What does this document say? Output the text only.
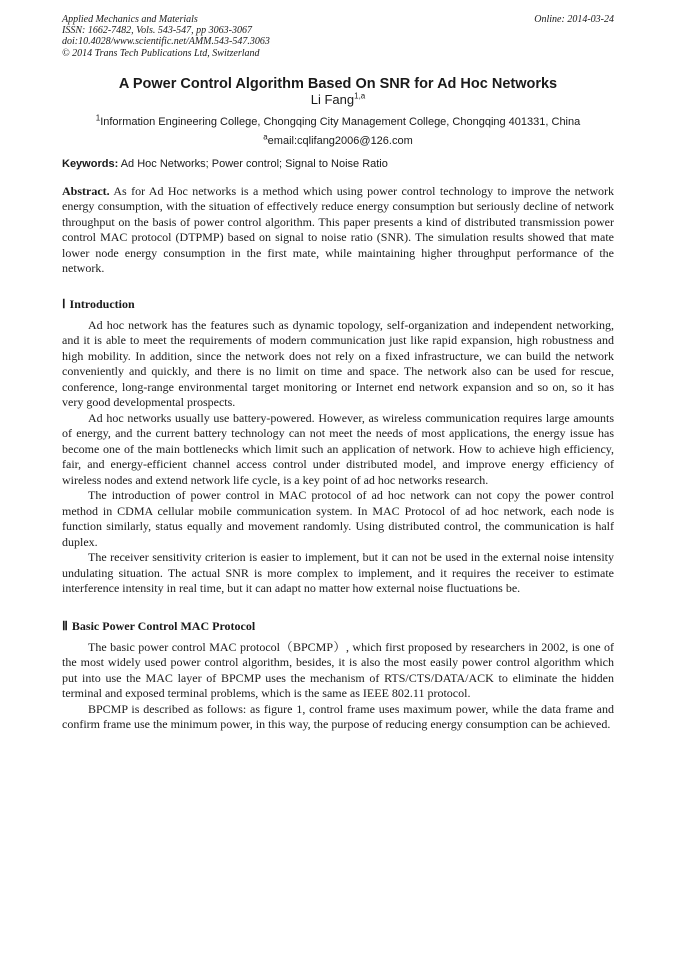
Applied Mechanics and Materials
ISSN: 1662-7482, Vols. 543-547, pp 3063-3067
doi:10.4028/www.scientific.net/AMM.543-547.3063
© 2014 Trans Tech Publications Ltd, Switzerland
Online: 2014-03-24
A Power Control Algorithm Based On SNR for Ad Hoc Networks
Li Fang$^{1,a}$
$^1$Information Engineering College, Chongqing City Management College, Chongqing 401331, China
$^a$email:cqlifang2006@126.com
Keywords: Ad Hoc Networks; Power control; Signal to Noise Ratio
Abstract. As for Ad Hoc networks is a method which using power control technology to improve the network energy consumption, with the situation of effectively reduce energy consumption but seriously decline of network throughput on the basis of power control algorithm. This paper presents a kind of distributed transmission power control MAC protocol (DTPMP) based on signal to noise ratio (SNR). The simulation results showed that mate lower node energy consumption in the first mate, while maintaining higher throughput performance of the network.
Ⅰ Introduction

Ad hoc network has the features such as dynamic topology, self-organization and independent networking, and it is able to meet the requirements of modern communication just like rapid expansion, high robustness and high mobility. In addition, since the network does not rely on a fixed infrastructure, we can build the network conveniently and quickly, and there is no limit on time and space. The network also can be used for rescue, conference, long-range environmental target monitoring or Internet end network expansion and so on, so it has very good developmental prospects.

Ad hoc networks usually use battery-powered. However, as wireless communication requires large amounts of energy, and the current battery technology can not meet the needs of most applications, the energy issue has become one of the main bottlenecks which limit such an application of network. How to achieve high efficiency, fair, and energy-efficient channel access control under distributed model, and improve energy efficiency of wireless nodes and extend network life cycle, is a key point of ad hoc networks research.

The introduction of power control in MAC protocol of ad hoc network can not copy the power control method in CDMA cellular mobile communication system. In MAC Protocol of ad hoc network, each node is function similarly, status equally and movement randomly. Using distributed control, the communication is half duplex.

The receiver sensitivity criterion is easier to implement, but it can not be used in the external noise intensity undulating situation. The actual SNR is more complex to implement, and it requires the receiver to estimate interference intensity in real time, but it can adapt no matter how external noise fluctuations be.

Ⅱ Basic Power Control MAC Protocol

The basic power control MAC protocol（BPCMP）, which first proposed by researchers in 2002, is one of the most widely used power control algorithm, besides, it is also the most easily power control algorithm which put into use the MAC layer of BPCMP uses the mechanism of RTS/CTS/DATA/ACK to eliminate the hidden terminal and exposed terminal problems, which is the same as IEEE 802.11 protocol.

BPCMP is described as follows: as figure 1, control frame uses maximum power, while the data frame and confirm frame use the minimum power, in this way, the purpose of reducing energy consumption can be achieved.
